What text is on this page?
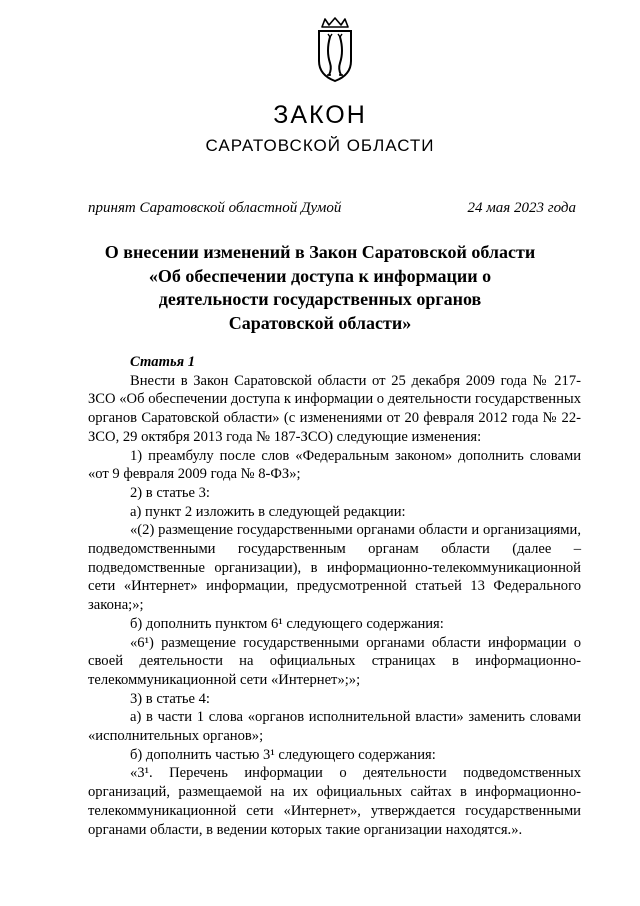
ЗАКОН
САРАТОВСКОЙ ОБЛАСТИ
принят Саратовской областной Думой	24 мая 2023 года
О внесении изменений в Закон Саратовской области
«Об обеспечении доступа к информации о
деятельности государственных органов
Саратовской области»

Статья 1

Внести в Закон Саратовской области от 25 декабря 2009 года № 217-ЗСО «Об обеспечении доступа к информации о деятельности государственных органов Саратовской области» (с изменениями от 20 февраля 2012 года № 22-ЗСО, 29 октября 2013 года № 187-ЗСО) следующие изменения:

1) преамбулу после слов «Федеральным законом» дополнить словами «от 9 февраля 2009 года № 8-ФЗ»;

2) в статье 3:

а) пункт 2 изложить в следующей редакции:

«(2) размещение государственными органами области и организациями, подведомственными государственным органам области (далее – подведомственные организации), в информационно-телекоммуникационной сети «Интернет» информации, предусмотренной статьей 13 Федерального закона;»;

б) дополнить пунктом 6¹ следующего содержания:

«6¹) размещение государственными органами области информации о своей деятельности на официальных страницах в информационно-телекоммуникационной сети «Интернет»;»;

3) в статье 4:

а) в части 1 слова «органов исполнительной власти» заменить словами «исполнительных органов»;

б) дополнить частью 3¹ следующего содержания:

«3¹. Перечень информации о деятельности подведомственных организаций, размещаемой на их официальных сайтах в информационно-телекоммуникационной сети «Интернет», утверждается государственными органами области, в ведении которых такие организации находятся.».
